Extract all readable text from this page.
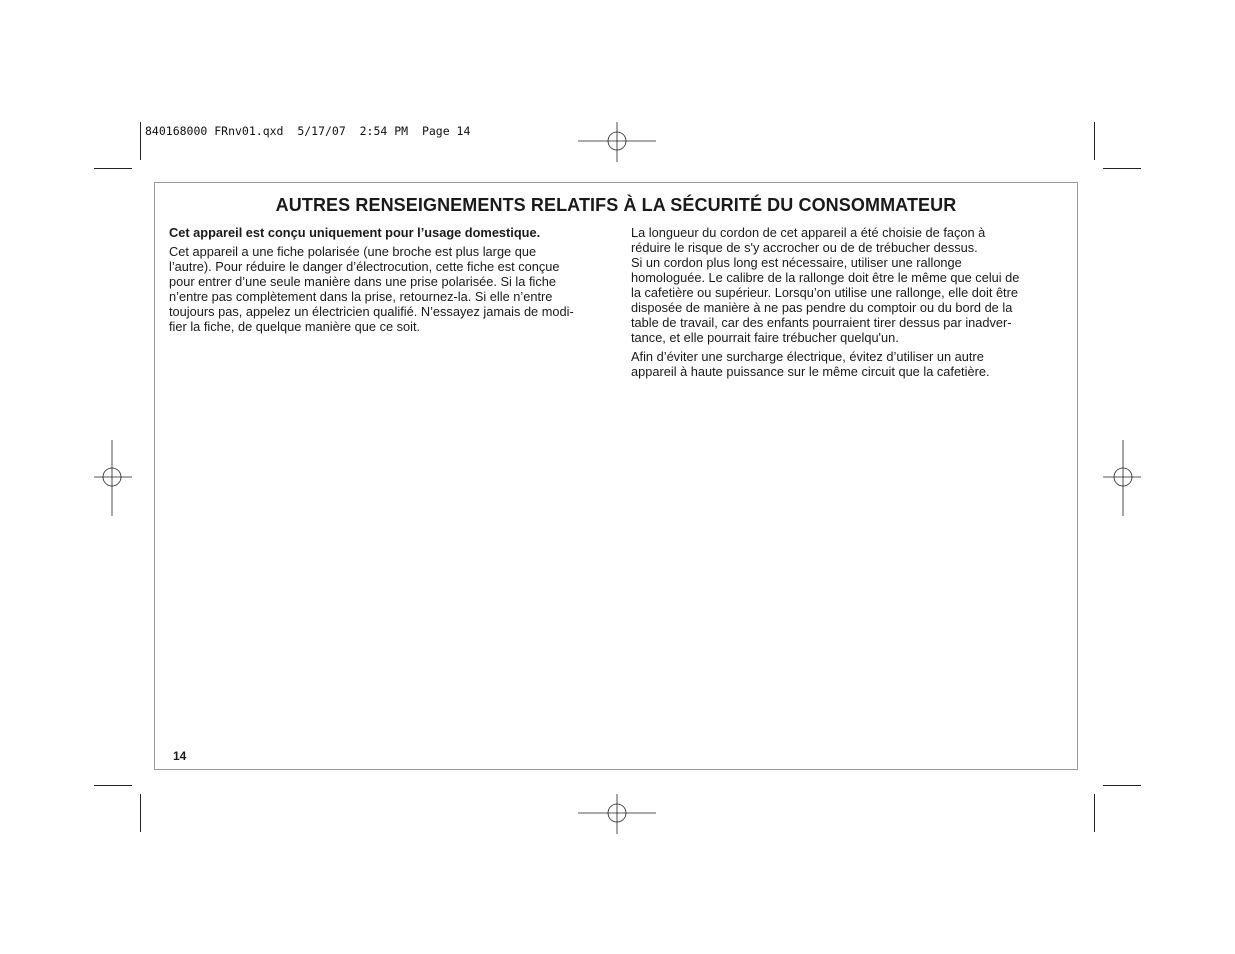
840168000 FRnv01.qxd  5/17/07  2:54 PM  Page 14
AUTRES RENSEIGNEMENTS RELATIFS À LA SÉCURITÉ DU CONSOMMATEUR

Cet appareil est conçu uniquement pour l’usage domestique.

Cet appareil a une fiche polarisée (une broche est plus large que
l’autre). Pour réduire le danger d’électrocution, cette fiche est conçue
pour entrer d’une seule manière dans une prise polarisée. Si la fiche
n’entre pas complètement dans la prise, retournez-la. Si elle n’entre
toujours pas, appelez un électricien qualifié. N’essayez jamais de modi-
fier la fiche, de quelque manière que ce soit.

La longueur du cordon de cet appareil a été choisie de façon à
réduire le risque de s'y accrocher ou de de trébucher dessus.
Si un cordon plus long est nécessaire, utiliser une rallonge
homologuée. Le calibre de la rallonge doit être le même que celui de
la cafetière ou supérieur. Lorsqu’on utilise une rallonge, elle doit être
disposée de manière à ne pas pendre du comptoir ou du bord de la
table de travail, car des enfants pourraient tirer dessus par inadver-
tance, et elle pourrait faire trébucher quelqu'un.

Afin d’éviter une surcharge électrique, évitez d’utiliser un autre
appareil à haute puissance sur le même circuit que la cafetière.

14
